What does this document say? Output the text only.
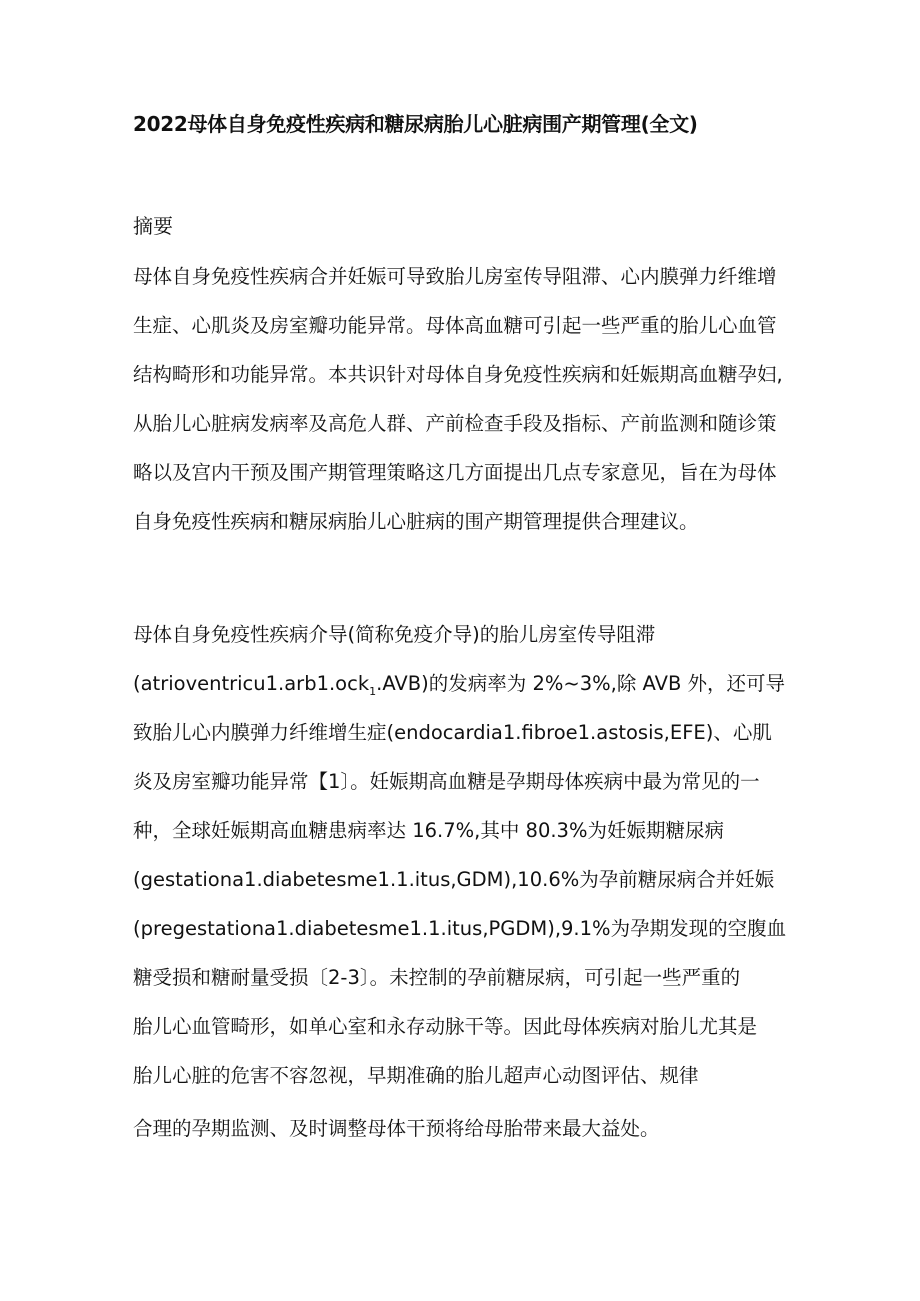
2022母体自身免疫性疾病和糖尿病胎儿心脏病围产期管理(全文)
摘要
母体自身免疫性疾病合并妊娠可导致胎儿房室传导阻滞、心内膜弹力纤维增
生症、心肌炎及房室瓣功能异常。母体高血糖可引起一些严重的胎儿心血管
结构畸形和功能异常。本共识针对母体自身免疫性疾病和妊娠期高血糖孕妇,
从胎儿心脏病发病率及高危人群、产前检查手段及指标、产前监测和随诊策
略以及宫内干预及围产期管理策略这几方面提出几点专家意见，旨在为母体
自身免疫性疾病和糖尿病胎儿心脏病的围产期管理提供合理建议。
母体自身免疫性疾病介导(简称免疫介导)的胎儿房室传导阻滞
(atrioventricu1.arb1.ock$_1$.AVB)的发病率为 2%~3%,除 AVB 外，还可导
致胎儿心内膜弹力纤维增生症(endocardia1.fibroe1.astosis,EFE)、心肌
炎及房室瓣功能异常【1〕。妊娠期高血糖是孕期母体疾病中最为常见的一
种，全球妊娠期高血糖患病率达 16.7%,其中 80.3%为妊娠期糖尿病
(gestationa1.diabetesme1.1.itus,GDM),10.6%为孕前糖尿病合并妊娠
(pregestationa1.diabetesme1.1.itus,PGDM),9.1%为孕期发现的空腹血
糖受损和糖耐量受损〔2-3〕。未控制的孕前糖尿病，可引起一些严重的
胎儿心血管畸形，如单心室和永存动脉干等。因此母体疾病对胎儿尤其是
胎儿心脏的危害不容忽视，早期准确的胎儿超声心动图评估、规律
合理的孕期监测、及时调整母体干预将给母胎带来最大益处。
